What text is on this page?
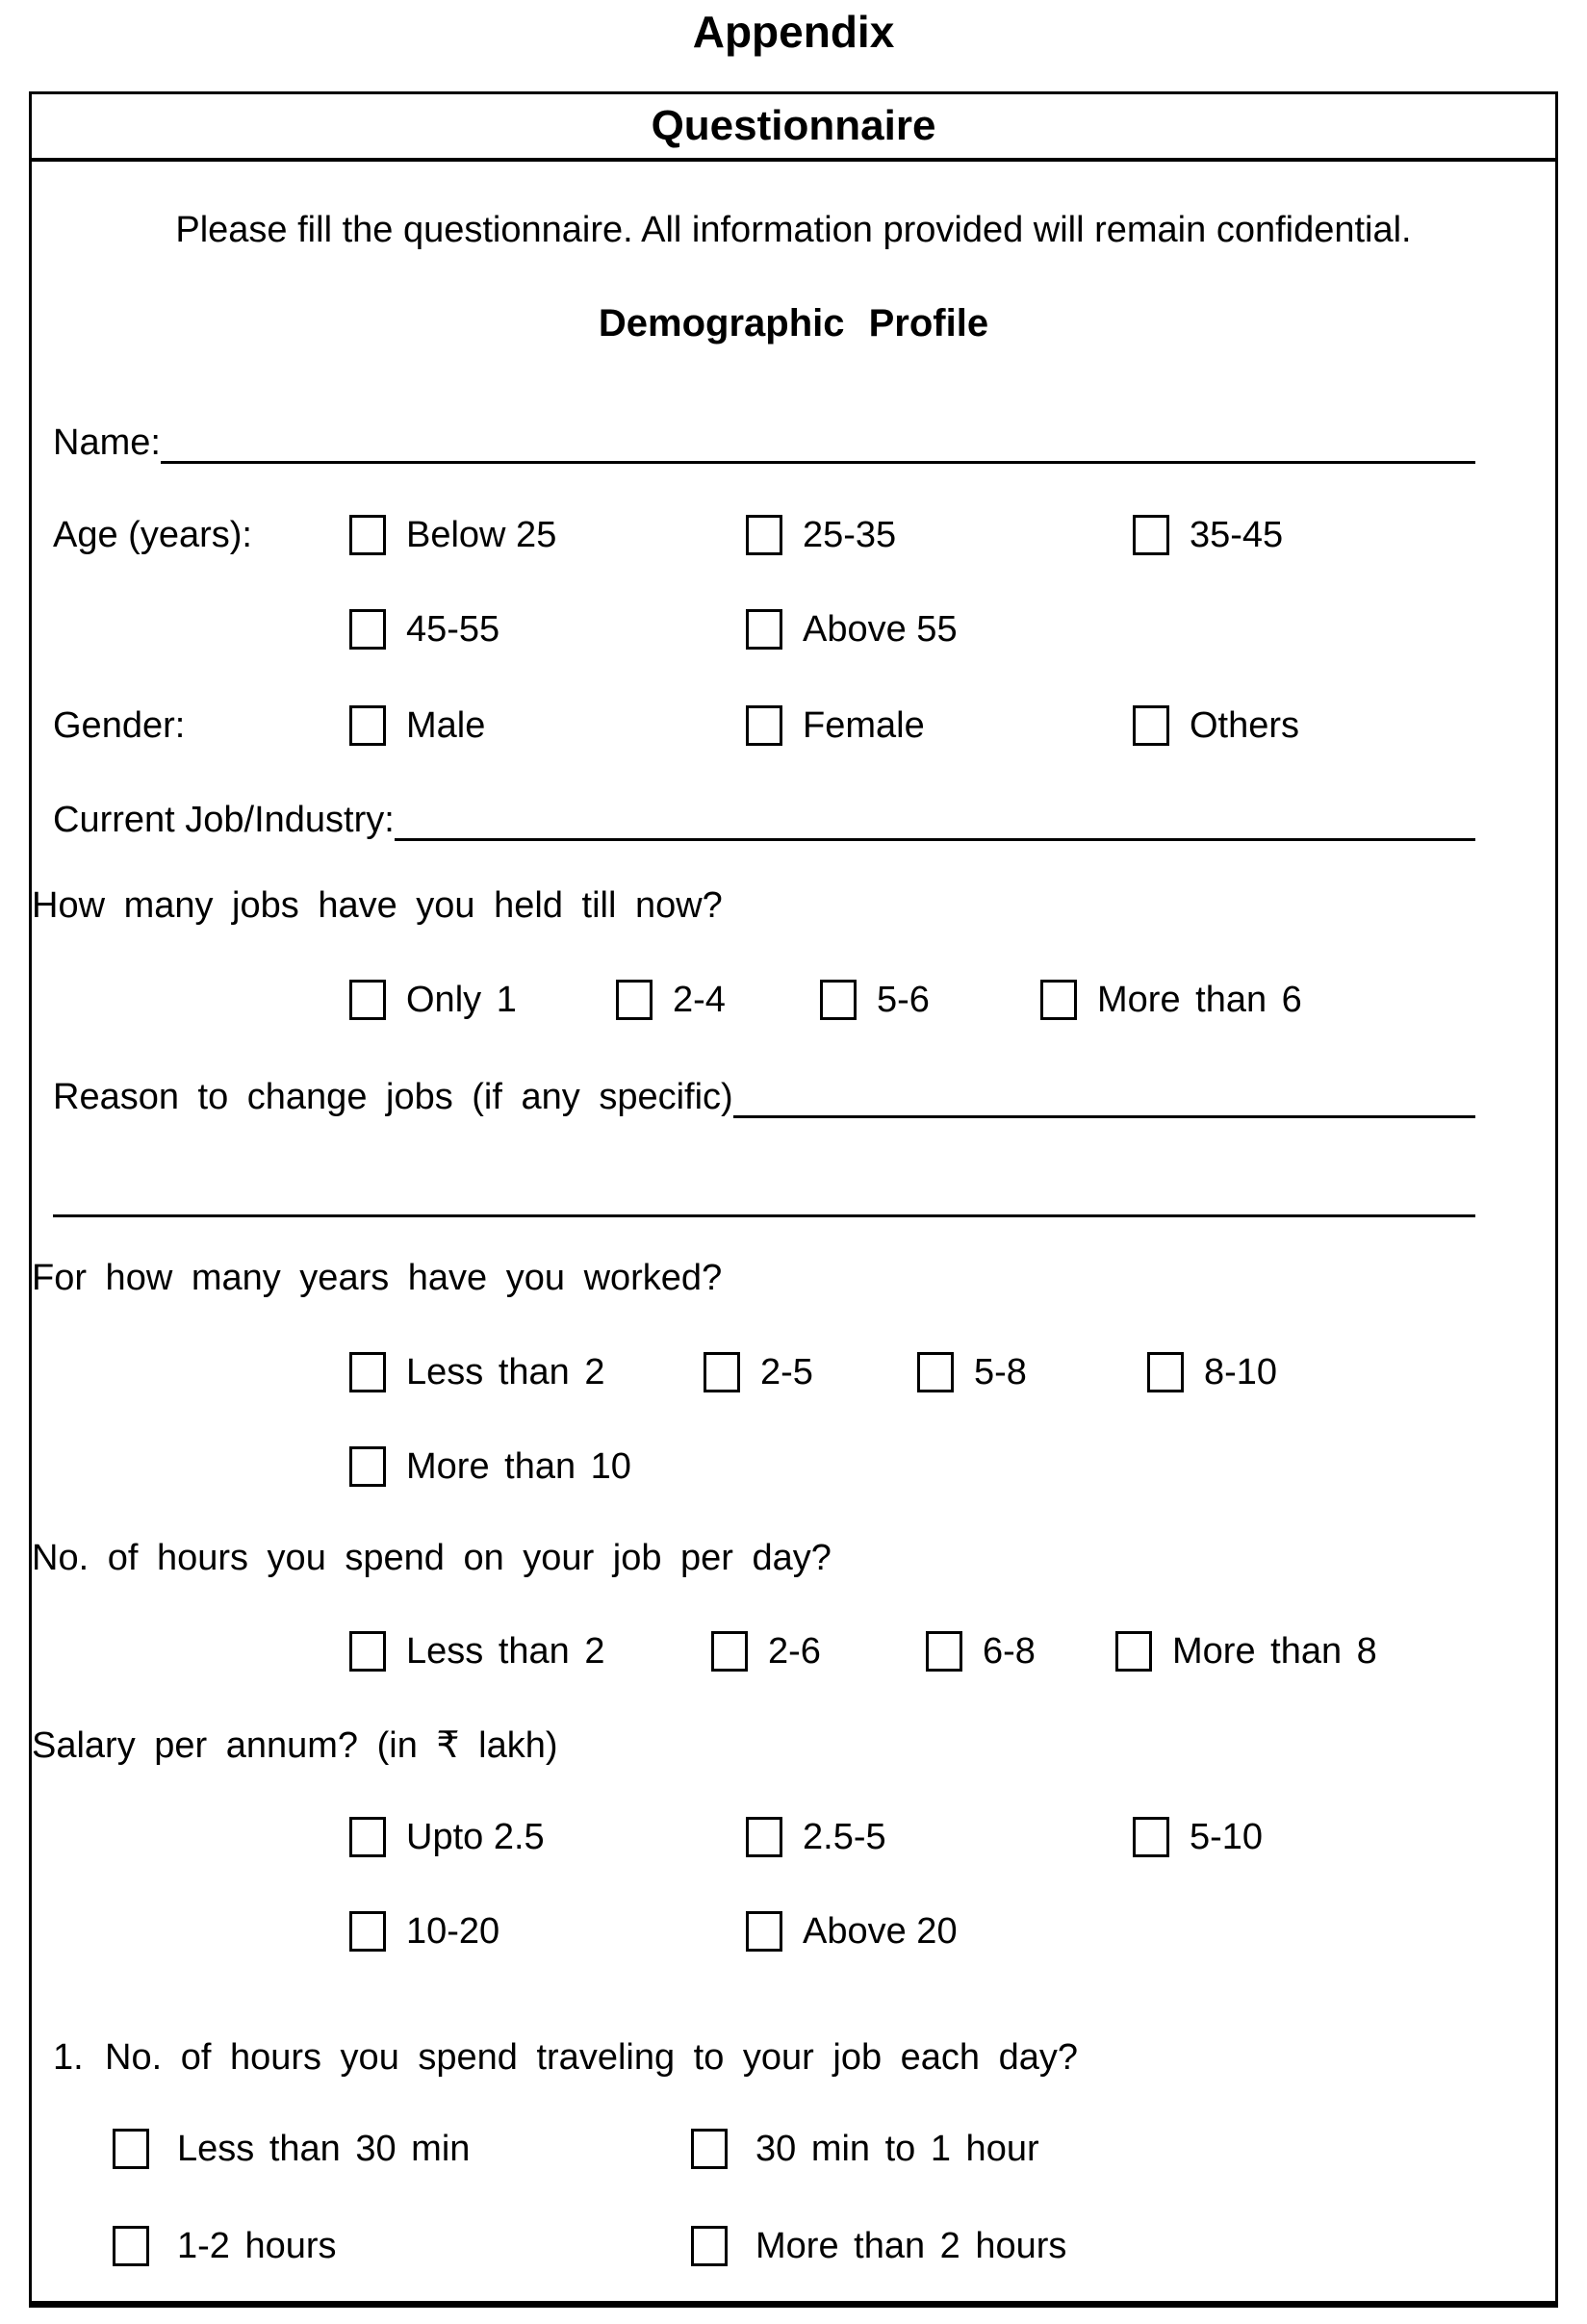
Appendix
Questionnaire
Please fill the questionnaire. All information provided will remain confidential.
Demographic Profile
Name:
Age (years):	Below 25	25-35	35-45
45-55	Above 55
Gender:	Male	Female	Others
Current Job/Industry:
How many jobs have you held till now?
Only 1	2-4	5-6	More than 6
Reason to change jobs (if any specific)
For how many years have you worked?
Less than 2	2-5	5-8	8-10
More than 10
No. of hours you spend on your job per day?
Less than 2	2-6	6-8	More than 8
Salary per annum? (in ₹ lakh)
Upto 2.5	2.5-5	5-10
10-20	Above 20
1. No. of hours you spend traveling to your job each day?
Less than 30 min	30 min to 1 hour
1-2 hours	More than 2 hours
